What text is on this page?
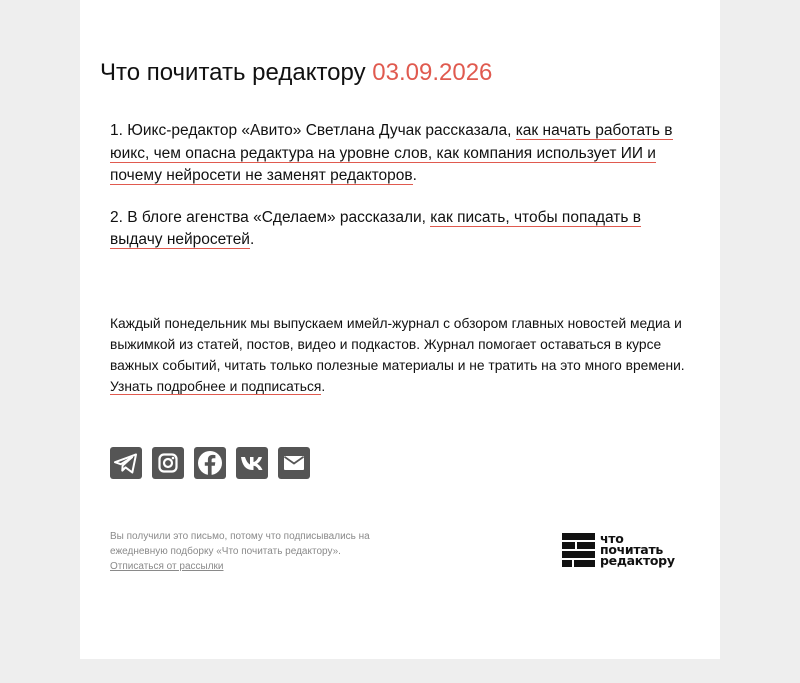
Что почитать редактору 03.09.2026

1. Юикс-редактор «Авито» Светлана Дучак рассказала, как начать работать в юикс, чем опасна редактура на уровне слов, как компания использует ИИ и почему нейросети не заменят редакторов.

2. В блоге агенства «Сделаем» рассказали, как писать, чтобы попадать в выдачу нейросетей.

Каждый понедельник мы выпускаем имейл-журнал с обзором главных новостей медиа и выжимкой из статей, постов, видео и подкастов. Журнал помогает оставаться в курсе важных событий, читать только полезные материалы и не тратить на это много времени. Узнать подробнее и подписаться.

Вы получили это письмо, потому что подписывались на ежедневную подборку «Что почитать редактору».
Отписаться от рассылки

что
почитать
редактору
